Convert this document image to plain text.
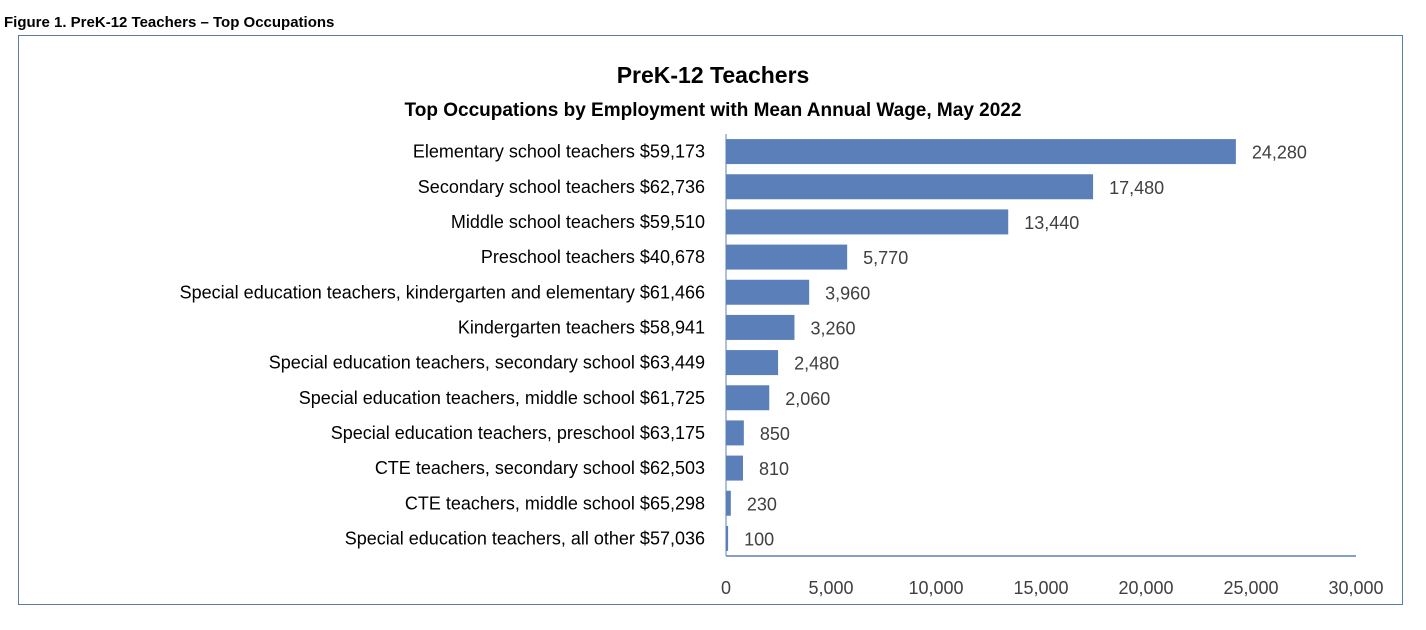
Figure 1. PreK-12 Teachers – Top Occupations
PreK-12 Teachers
Top Occupations by Employment with Mean Annual Wage, May 2022
Elementary school teachers $59,173
Secondary school teachers $62,736
Middle school teachers $59,510
Preschool teachers $40,678
Special education teachers, kindergarten and elementary $61,466
Kindergarten teachers $58,941
Special education teachers, secondary school $63,449
Special education teachers, middle school $61,725
Special education teachers, preschool $63,175
CTE teachers, secondary school $62,503
CTE teachers, middle school $65,298
Special education teachers, all other $57,036
24,280
17,480
13,440
5,770
3,960
3,260
2,480
2,060
850
810
230
100
0	5,000	10,000	15,000	20,000	25,000	30,000
